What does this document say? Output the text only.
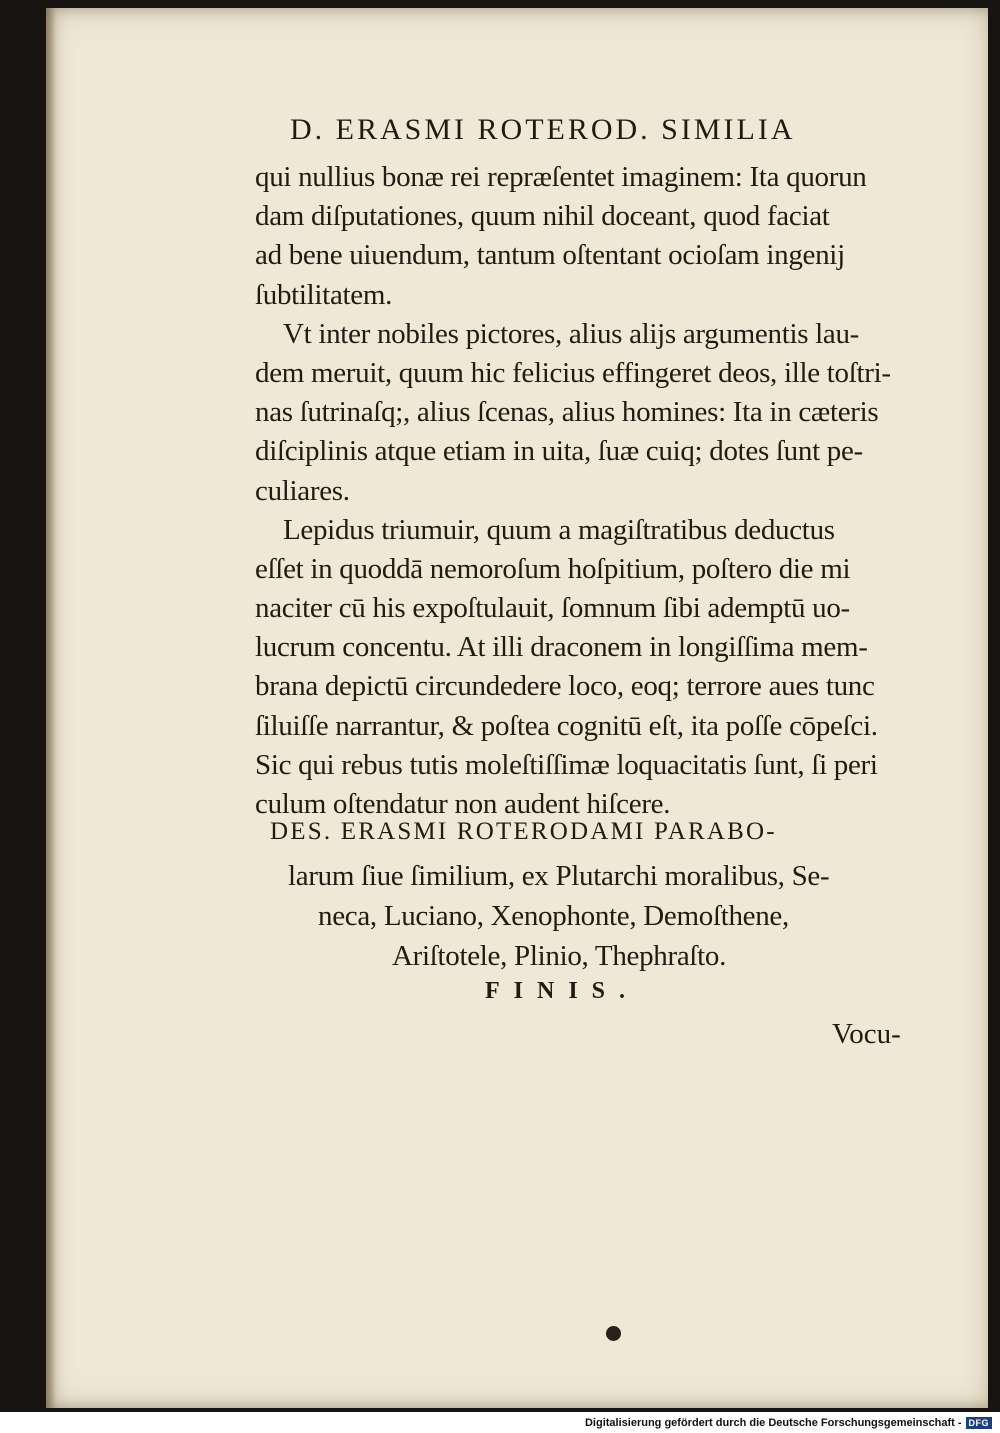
D. ERASMI ROTEROD. SIMILIA
qui nullius bonæ rei repræſentet imaginem: Ita quorun
dam diſputationes, quum nihil doceant, quod faciat
ad bene uiuendum, tantum oſtentant ocioſam ingenij
ſubtilitatem.
Vt inter nobiles pictores, alius alijs argumentis lau-
dem meruit, quum hic felicius effingeret deos, ille toſtri-
nas ſutrinaſq;, alius ſcenas, alius homines: Ita in cæteris
diſciplinis atque etiam in uita, ſuæ cuiq; dotes ſunt pe-
culiares.
Lepidus triumuir, quum a magiſtratibus deductus
eſſet in quoddā nemoroſum hoſpitium, poſtero die mi
naciter cū his expoſtulauit, ſomnum ſibi ademptū uo-
lucrum concentu. At illi draconem in longiſſima mem-
brana depictū circundedere loco, eoq; terrore aues tunc
ſiluiſſe narrantur, & poſtea cognitū eſt, ita poſſe cōpeſci.
Sic qui rebus tutis moleſtiſſimæ loquacitatis ſunt, ſi peri
culum oſtendatur non audent hiſcere.
DES. ERASMI ROTERODAMI PARABO-
larum ſiue ſimilium, ex Plutarchi moralibus, Se-
neca, Luciano, Xenophonte, Demoſthene,
Ariſtotele, Plinio, Thephraſto.
FINIS.
Vocu-
Digitalisierung gefördert durch die Deutsche Forschungsgemeinschaft - DFG
